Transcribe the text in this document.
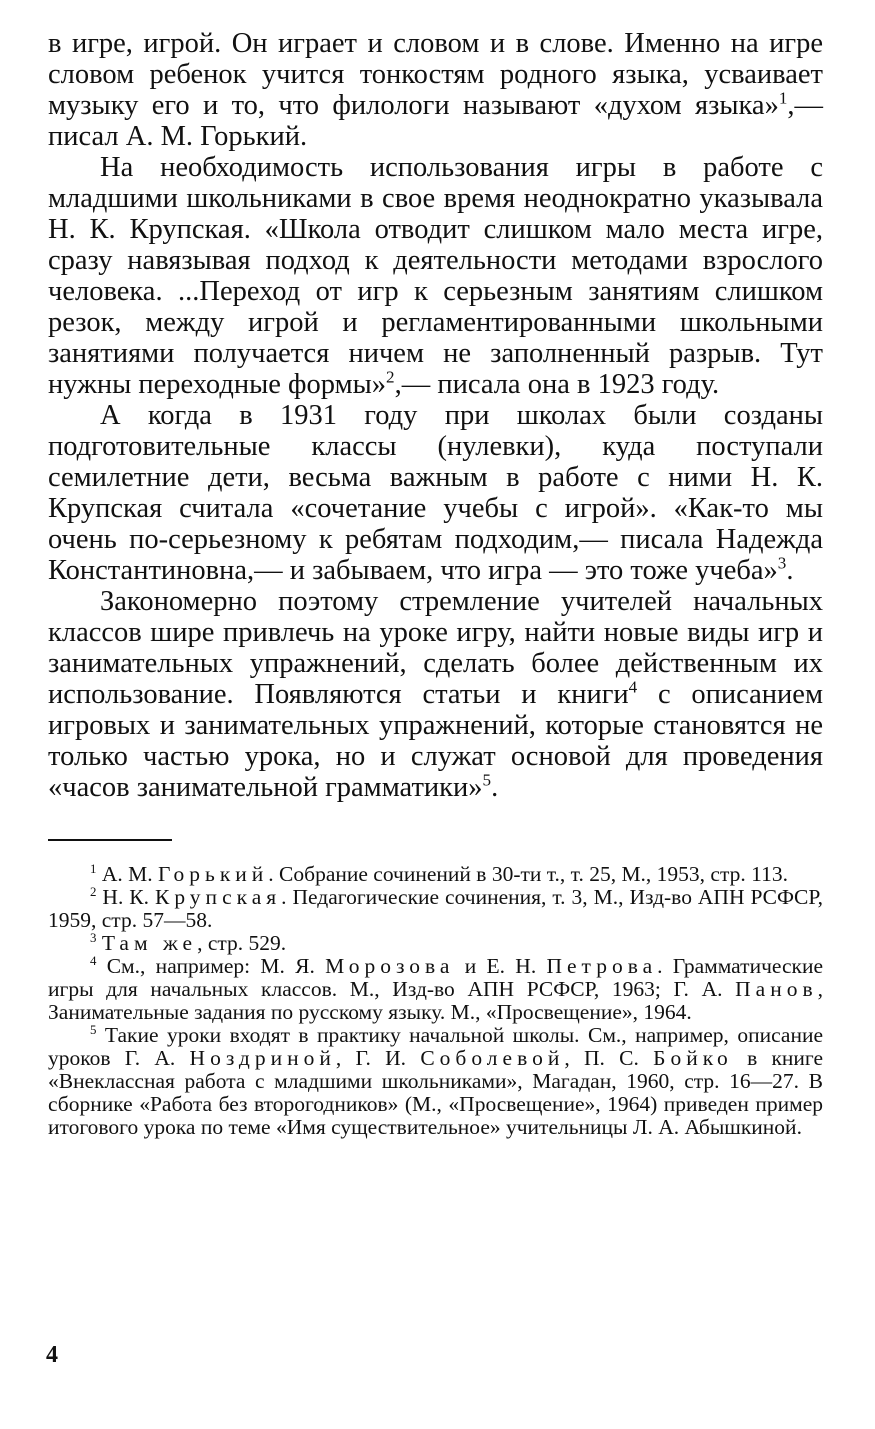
в игре, игрой. Он играет и словом и в слове. Именно на игре словом ребенок учится тонкостям родного языка, усваивает музыку его и то, что филологи называют «духом языка»$^1$,— писал А. М. Горький.

На необходимость использования игры в работе с младшими школьниками в свое время неоднократно указывала Н. К. Крупская. «Школа отводит слишком мало места игре, сразу навязывая подход к деятельности методами взрослого человека. ...Переход от игр к серьезным занятиям слишком резок, между игрой и регламентированными школьными занятиями получается ничем не заполненный разрыв. Тут нужны переходные формы»$^2$,— писала она в 1923 году.

А когда в 1931 году при школах были созданы подготовительные классы (нулевки), куда поступали семилетние дети, весьма важным в работе с ними Н. К. Крупская считала «сочетание учебы с игрой». «Как-то мы очень по-серьезному к ребятам подходим,— писала Надежда Константиновна,— и забываем, что игра — это тоже учеба»$^3$.

Закономерно поэтому стремление учителей начальных классов шире привлечь на уроке игру, найти новые виды игр и занимательных упражнений, сделать более действенным их использование. Появляются статьи и книги$^4$ с описанием игровых и занимательных упражнений, которые становятся не только частью урока, но и служат основой для проведения «часов занимательной грамматики»$^5$.

$^1$ А. М. Горький. Собрание сочинений в 30-ти т., т. 25, М., 1953, стр. 113.

$^2$ Н. К. Крупская. Педагогические сочинения, т. 3, М., Изд-во АПН РСФСР, 1959, стр. 57—58.

$^3$ Там же, стр. 529.

$^4$ См., например: М. Я. Морозова и Е. Н. Петрова. Грамматические игры для начальных классов. М., Изд-во АПН РСФСР, 1963; Г. А. Панов, Занимательные задания по русскому языку. М., «Просвещение», 1964.

$^5$ Такие уроки входят в практику начальной школы. См., например, описание уроков Г. А. Ноздриной, Г. И. Соболевой, П. С. Бойко в книге «Внеклассная работа с младшими школьниками», Магадан, 1960, стр. 16—27. В сборнике «Работа без второгодников» (М., «Просвещение», 1964) приведен пример итогового урока по теме «Имя существительное» учительницы Л. А. Абышкиной.

4
